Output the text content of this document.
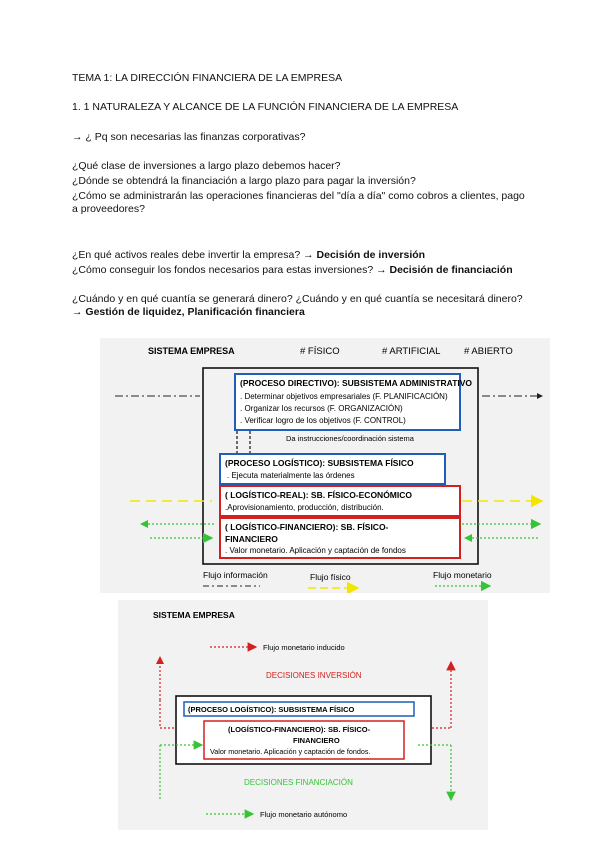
TEMA 1: LA DIRECCIÓN FINANCIERA DE LA EMPRESA
1. 1 NATURALEZA Y ALCANCE DE LA FUNCIÓN FINANCIERA DE LA EMPRESA
→ ¿ Pq son necesarias las finanzas corporativas?
¿Qué clase de inversiones a largo plazo debemos hacer?
¿Dónde se obtendrá la financiación a largo plazo para pagar la inversión?
¿Cómo se administrarán las operaciones financieras del "día a día" como cobros a clientes, pago a proveedores?
¿En qué activos reales debe invertir la empresa? → Decisión de inversión
¿Cómo conseguir los fondos necesarios para estas inversiones? → Decisión de financiación
¿Cuándo y en qué cuantía se generará dinero? ¿Cuándo y en qué cuantía se necesitará dinero? → Gestión de liquidez, Planificación financiera
SISTEMA EMPRESA	# FÍSICO	# ARTIFICIAL # ABIERTO
(PROCESO DIRECTIVO): SUBSISTEMA ADMINISTRATIVO
. Determinar objetivos empresariales (F. PLANIFICACIÓN)
. Organizar los recursos (F. ORGANIZACIÓN)
. Verificar logro de los objetivos (F. CONTROL)
Da instrucciones/coordinación sistema
(PROCESO LOGÍSTICO): SUBSISTEMA FÍSICO
. Ejecuta materialmente las órdenes
( LOGÍSTICO-REAL): SB. FÍSICO-ECONÓMICO
.Aprovisionamiento, producción, distribución.
( LOGÍSTICO-FINANCIERO): SB. FÍSICO-
FINANCIERO
. Valor monetario. Aplicación y captación de fondos
Flujo información	Flujo físico	Flujo monetario
SISTEMA EMPRESA
Flujo monetario inducido
DECISIONES INVERSIÓN
(PROCESO LOGÍSTICO): SUBSISTEMA FÍSICO
(LOGÍSTICO-FINANCIERO): SB. FÍSICO-
FINANCIERO
Valor monetario. Aplicación y captación de fondos.
DECISIONES FINANCIACIÓN
Flujo monetario autónomo
